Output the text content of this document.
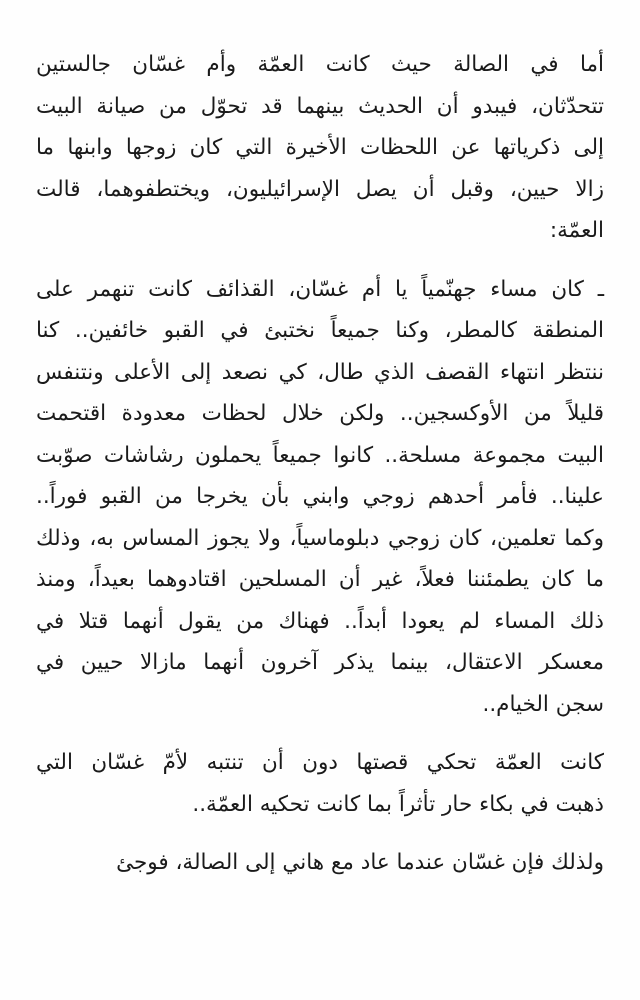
أما في الصالة حيث كانت العمّة وأم غسّان جالستين
تتحدّثان، فيبدو أن الحديث بينهما قد تحوّل من صيانة البيت
إلى ذكرياتها عن اللحظات الأخيرة التي كان زوجها وابنها ما
زالا حيين، وقبل أن يصل الإسرائيليون، ويختطفوهما، قالت
العمّة:

ـ كان مساء جهنّمياً يا أم غسّان، القذائف كانت تنهمر على
المنطقة كالمطر، وكنا جميعاً نختبئ في القبو خائفين.. كنا
ننتظر انتهاء القصف الذي طال، كي نصعد إلى الأعلى ونتنفس
قليلاً من الأوكسجين.. ولكن خلال لحظات معدودة اقتحمت
البيت مجموعة مسلحة.. كانوا جميعاً يحملون رشاشات صوّبت
علينا.. فأمر أحدهم زوجي وابني بأن يخرجا من القبو فوراً..
وكما تعلمين، كان زوجي دبلوماسياً، ولا يجوز المساس به، وذلك
ما كان يطمئننا فعلاً، غير أن المسلحين اقتادوهما بعيداً، ومنذ
ذلك المساء لم يعودا أبداً.. فهناك من يقول أنهما قتلا في
معسكر الاعتقال، بينما يذكر آخرون أنهما مازالا حيين في
سجن الخيام..

كانت العمّة تحكي قصتها دون أن تنتبه لأمّ غسّان التي
ذهبت في بكاء حار تأثراً بما كانت تحكيه العمّة..

ولذلك فإن غسّان عندما عاد مع هاني إلى الصالة، فوجئ
